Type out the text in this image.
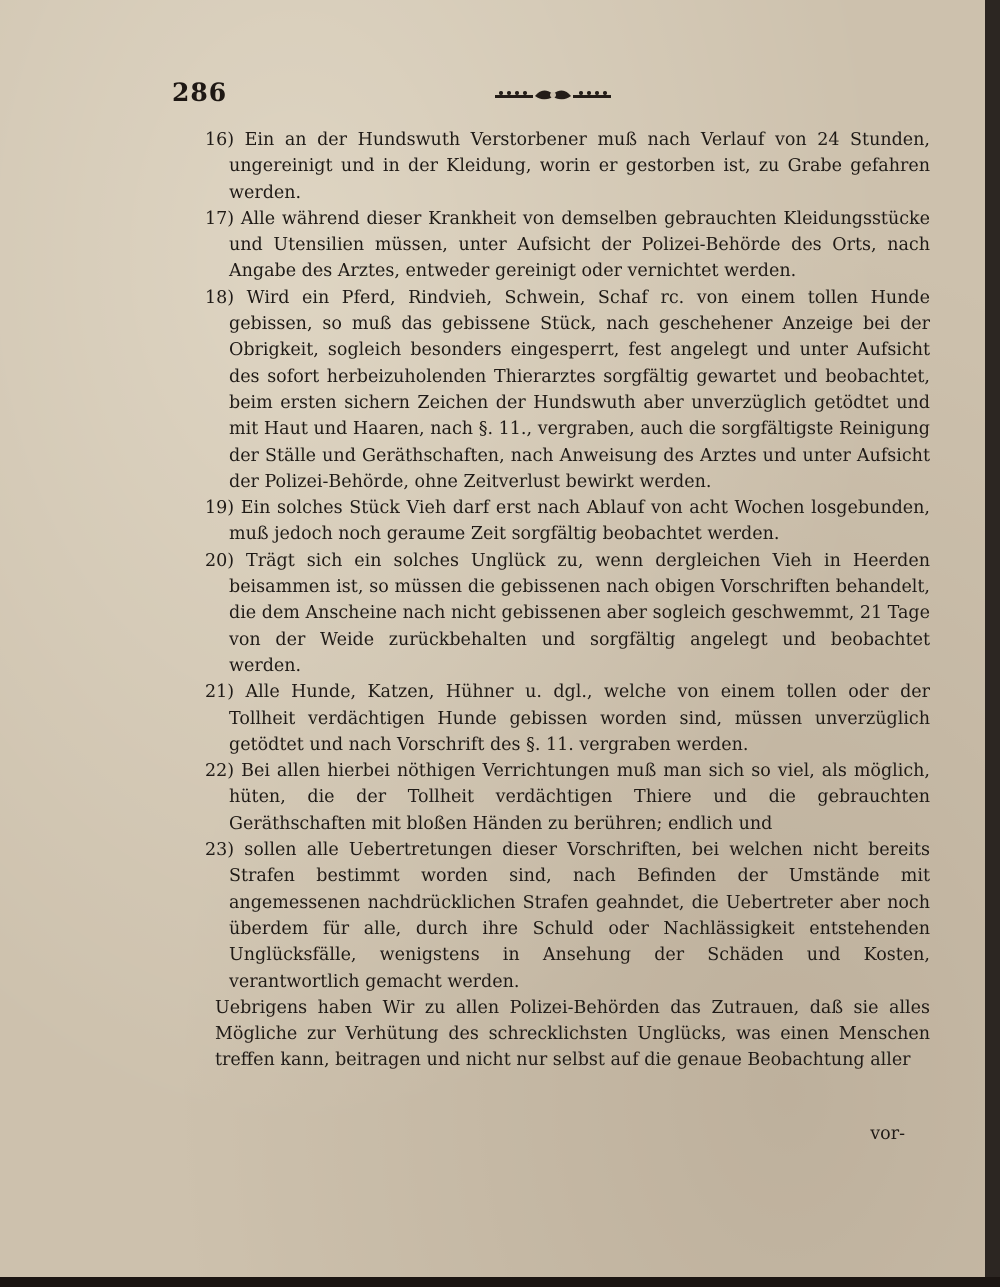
286

16) Ein an der Hundswuth Verstorbener muß nach Verlauf von 24 Stunden, ungereinigt und in der Kleidung, worin er gestorben ist, zu Grabe gefahren werden.

17) Alle während dieser Krankheit von demselben gebrauchten Kleidungsstücke und Utensilien müssen, unter Aufsicht der Polizei-Behörde des Orts, nach Angabe des Arztes, entweder gereinigt oder vernichtet werden.

18) Wird ein Pferd, Rindvieh, Schwein, Schaf rc. von einem tollen Hunde gebissen, so muß das gebissene Stück, nach geschehener Anzeige bei der Obrigkeit, sogleich besonders eingesperrt, fest angelegt und unter Aufsicht des sofort herbeizuholenden Thierarztes sorgfältig gewartet und beobachtet, beim ersten sichern Zeichen der Hundswuth aber unverzüglich getödtet und mit Haut und Haaren, nach §. 11., vergraben, auch die sorgfältigste Reinigung der Ställe und Geräthschaften, nach Anweisung des Arztes und unter Aufsicht der Polizei-Behörde, ohne Zeitverlust bewirkt werden.

19) Ein solches Stück Vieh darf erst nach Ablauf von acht Wochen losgebunden, muß jedoch noch geraume Zeit sorgfältig beobachtet werden.

20) Trägt sich ein solches Unglück zu, wenn dergleichen Vieh in Heerden beisammen ist, so müssen die gebissenen nach obigen Vorschriften behandelt, die dem Anscheine nach nicht gebissenen aber sogleich geschwemmt, 21 Tage von der Weide zurückbehalten und sorgfältig angelegt und beobachtet werden.

21) Alle Hunde, Katzen, Hühner u. dgl., welche von einem tollen oder der Tollheit verdächtigen Hunde gebissen worden sind, müssen unverzüglich getödtet und nach Vorschrift des §. 11. vergraben werden.

22) Bei allen hierbei nöthigen Verrichtungen muß man sich so viel, als möglich, hüten, die der Tollheit verdächtigen Thiere und die gebrauchten Geräthschaften mit bloßen Händen zu berühren; endlich und

23) sollen alle Uebertretungen dieser Vorschriften, bei welchen nicht bereits Strafen bestimmt worden sind, nach Befinden der Umstände mit angemessenen nachdrücklichen Strafen geahndet, die Uebertreter aber noch überdem für alle, durch ihre Schuld oder Nachlässigkeit entstehenden Unglücksfälle, wenigstens in Ansehung der Schäden und Kosten, verantwortlich gemacht werden.

Uebrigens haben Wir zu allen Polizei-Behörden das Zutrauen, daß sie alles Mögliche zur Verhütung des schrecklichsten Unglücks, was einen Menschen treffen kann, beitragen und nicht nur selbst auf die genaue Beobachtung aller

vor-
